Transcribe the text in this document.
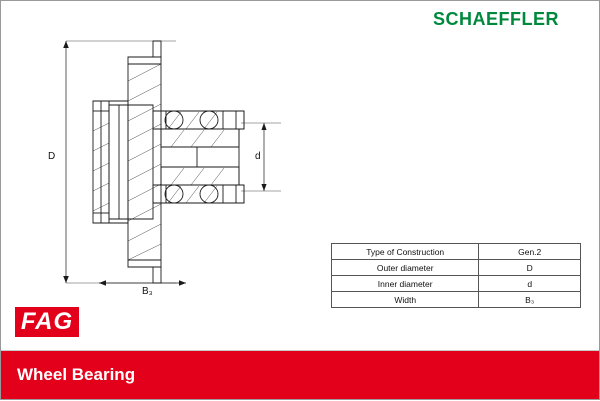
SCHAEFFLER
D	d
B₃
Type of Construction	Gen.2
Outer diameter	D
Inner diameter	d
Width	B₃
FAG
Wheel Bearing
